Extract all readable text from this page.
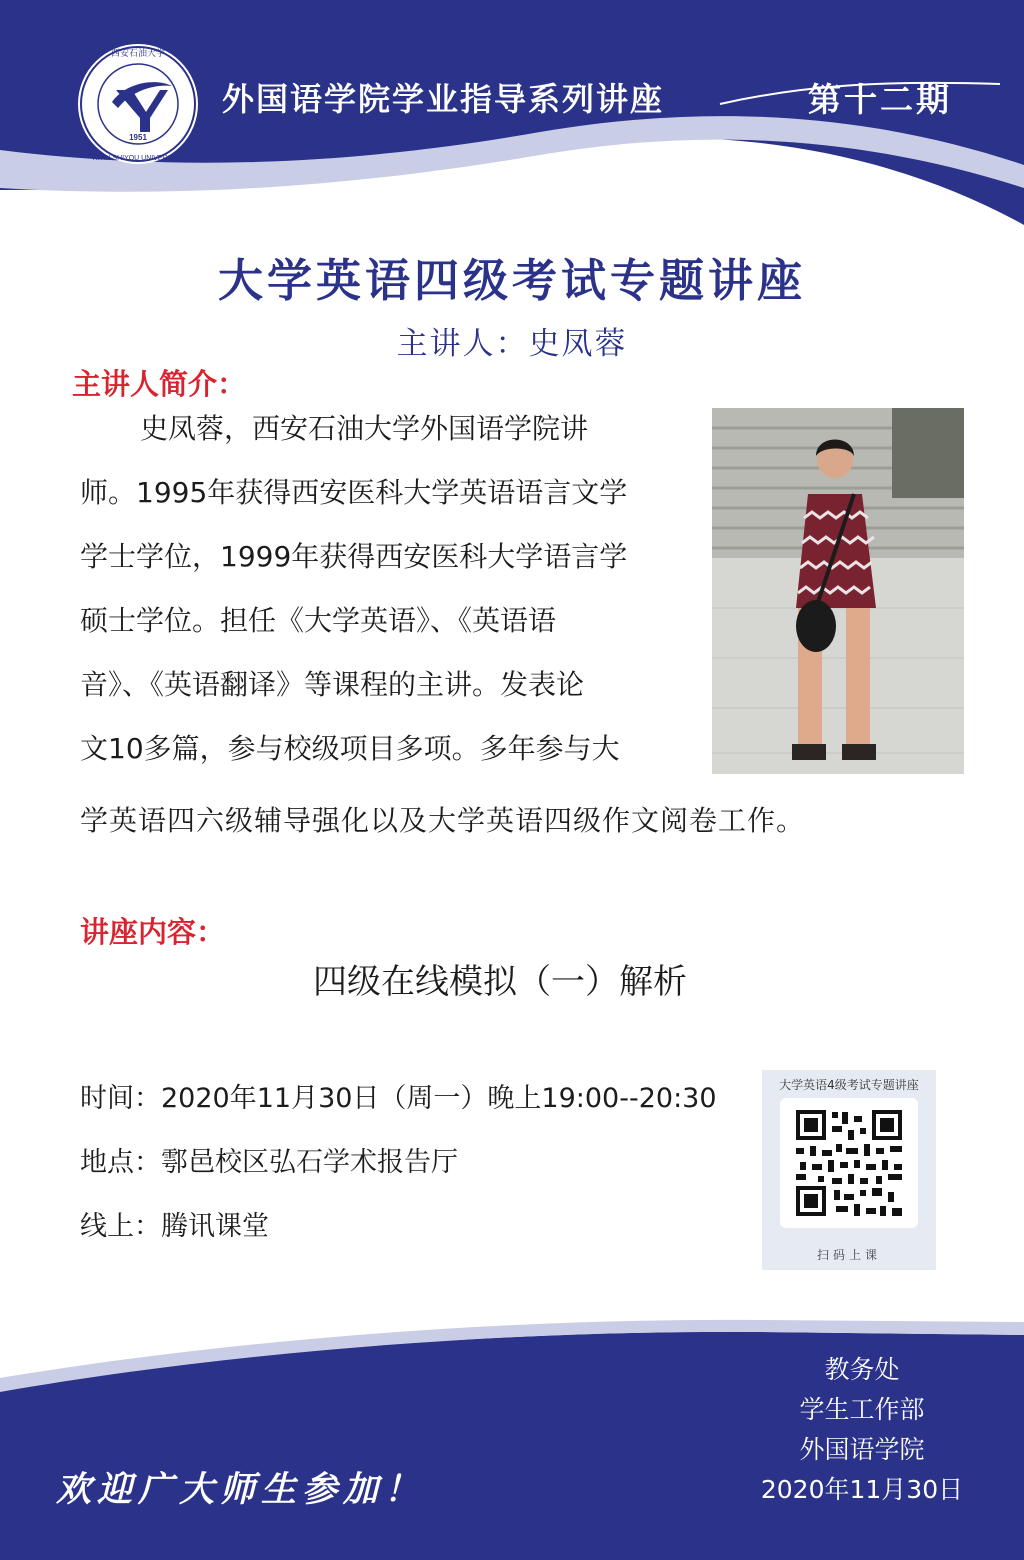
1951
西安石油大学
XI'AN SHIYOU UNIVERSITY
外国语学院学业指导系列讲座	第十二期
大学英语四级考试专题讲座
主讲人：史凤蓉
主讲人简介：
史凤蓉，西安石油大学外国语学院讲
师。1995年获得西安医科大学英语语言文学
学士学位，1999年获得西安医科大学语言学
硕士学位。担任《大学英语》、《英语语
音》、《英语翻译》等课程的主讲。发表论
文10多篇，参与校级项目多项。多年参与大
学英语四六级辅导强化以及大学英语四级作文阅卷工作。
讲座内容：
四级在线模拟（一）解析
时间：2020年11月30日（周一）晚上19:00--20:30
地点：鄠邑校区弘石学术报告厅
线上：腾讯课堂
大学英语4级考试专题讲座
扫码上课
教务处
学生工作部
外国语学院
2020年11月30日
欢迎广大师生参加！
